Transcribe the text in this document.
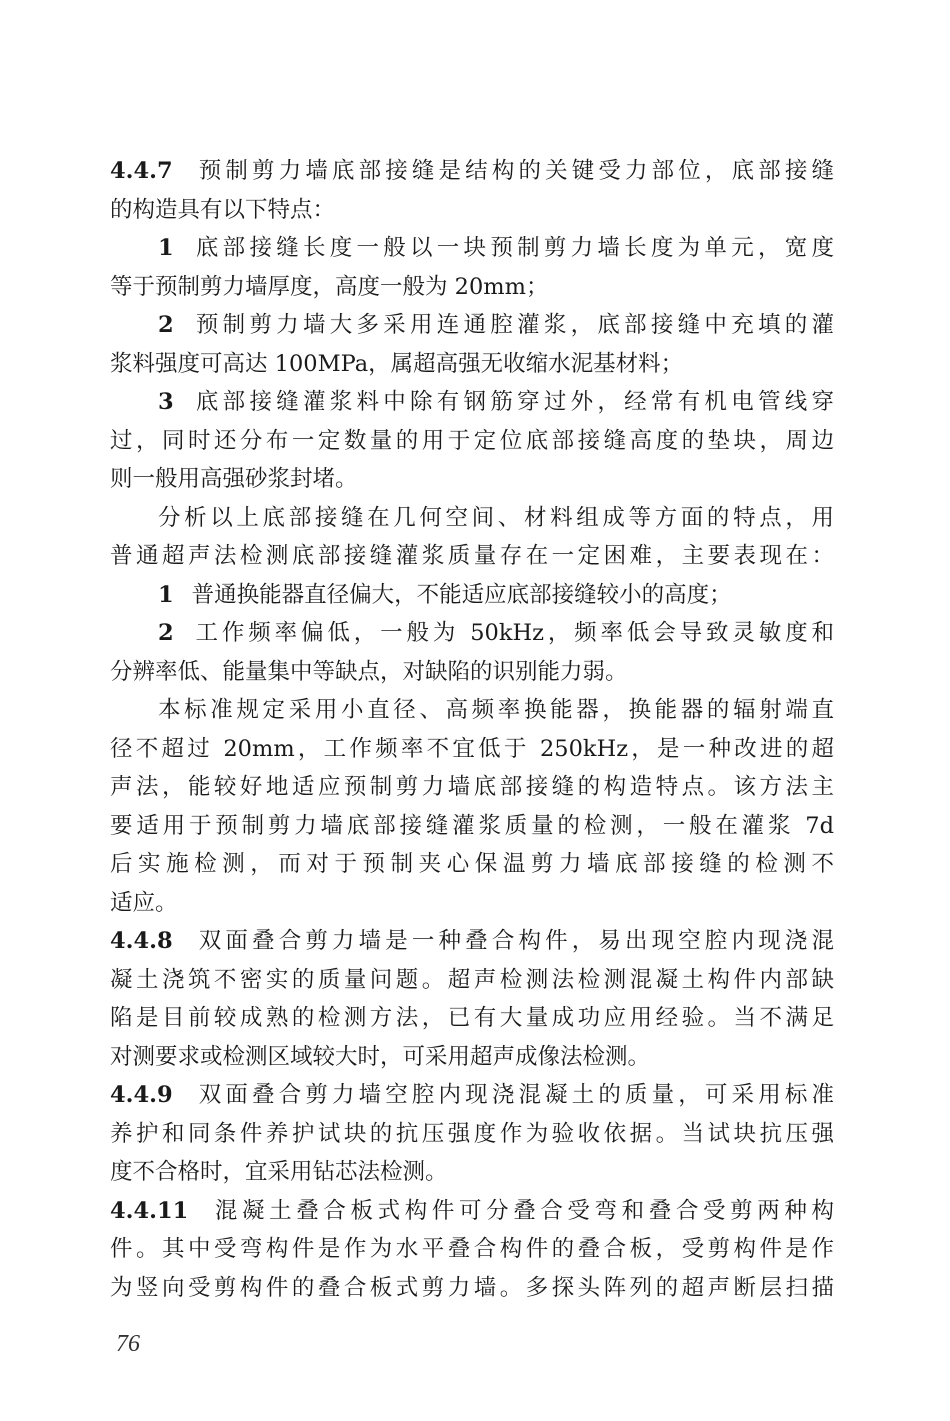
4.4.7 预制剪力墙底部接缝是结构的关键受力部位，底部接缝
的构造具有以下特点：
1 底部接缝长度一般以一块预制剪力墙长度为单元，宽度
等于预制剪力墙厚度，高度一般为 20mm；
2 预制剪力墙大多采用连通腔灌浆，底部接缝中充填的灌
浆料强度可高达 100MPa，属超高强无收缩水泥基材料；
3 底部接缝灌浆料中除有钢筋穿过外，经常有机电管线穿
过，同时还分布一定数量的用于定位底部接缝高度的垫块，周边
则一般用高强砂浆封堵。
分析以上底部接缝在几何空间、材料组成等方面的特点，用
普通超声法检测底部接缝灌浆质量存在一定困难，主要表现在：
1 普通换能器直径偏大，不能适应底部接缝较小的高度；
2 工作频率偏低，一般为 50kHz，频率低会导致灵敏度和
分辨率低、能量集中等缺点，对缺陷的识别能力弱。
本标准规定采用小直径、高频率换能器，换能器的辐射端直
径不超过 20mm，工作频率不宜低于 250kHz，是一种改进的超
声法，能较好地适应预制剪力墙底部接缝的构造特点。该方法主
要适用于预制剪力墙底部接缝灌浆质量的检测，一般在灌浆 7d
后实施检测，而对于预制夹心保温剪力墙底部接缝的检测不
适应。
4.4.8 双面叠合剪力墙是一种叠合构件，易出现空腔内现浇混
凝土浇筑不密实的质量问题。超声检测法检测混凝土构件内部缺
陷是目前较成熟的检测方法，已有大量成功应用经验。当不满足
对测要求或检测区域较大时，可采用超声成像法检测。
4.4.9 双面叠合剪力墙空腔内现浇混凝土的质量，可采用标准
养护和同条件养护试块的抗压强度作为验收依据。当试块抗压强
度不合格时，宜采用钻芯法检测。
4.4.11 混凝土叠合板式构件可分叠合受弯和叠合受剪两种构
件。其中受弯构件是作为水平叠合构件的叠合板，受剪构件是作
为竖向受剪构件的叠合板式剪力墙。多探头阵列的超声断层扫描
76
